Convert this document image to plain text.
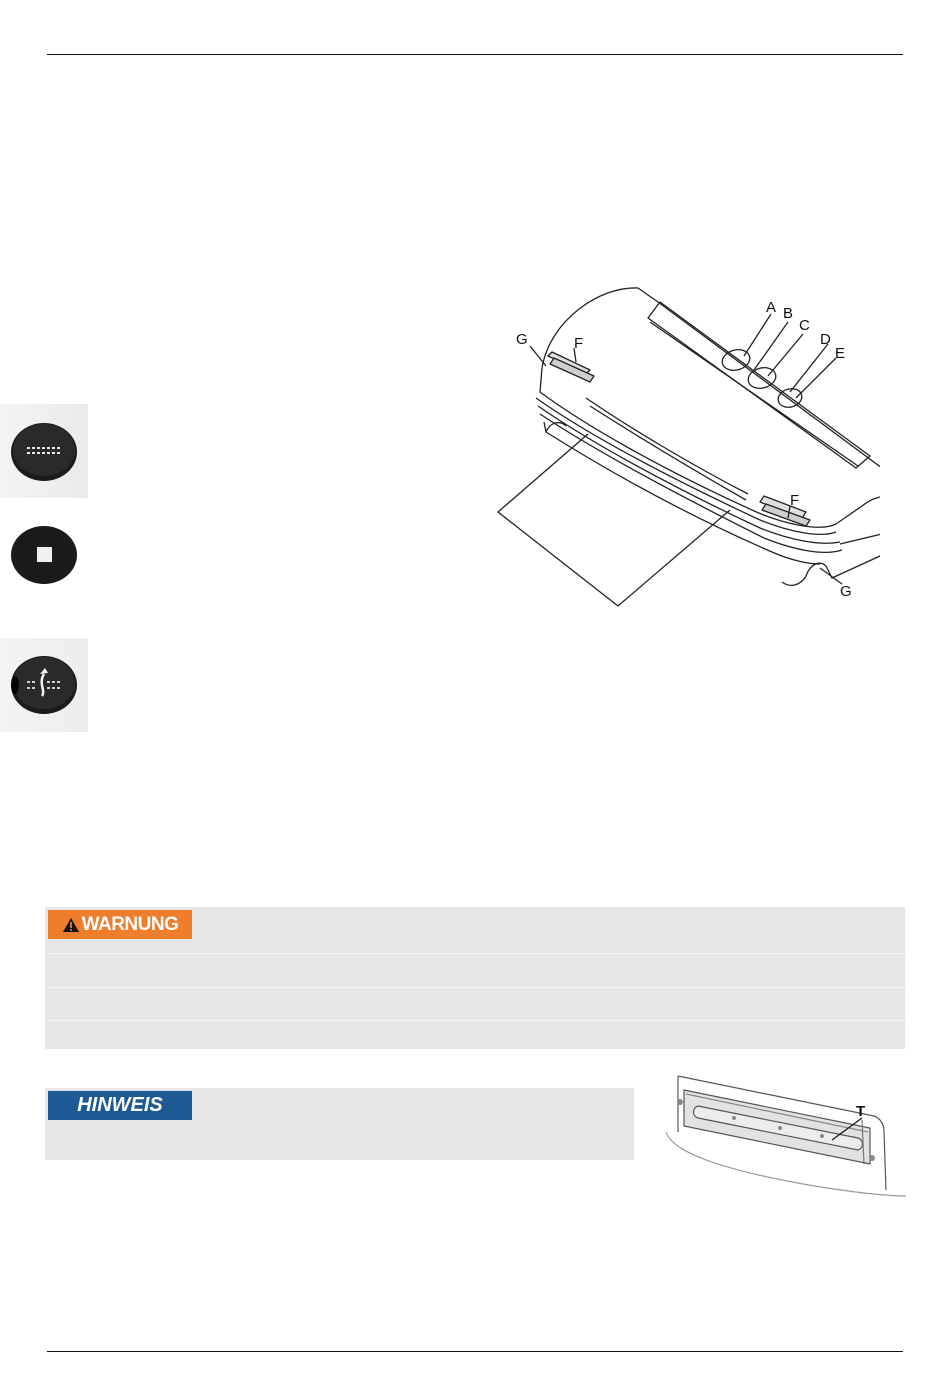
A B
C
D
E
F
F
G
G
WARNUNG
HINWEIS	T
